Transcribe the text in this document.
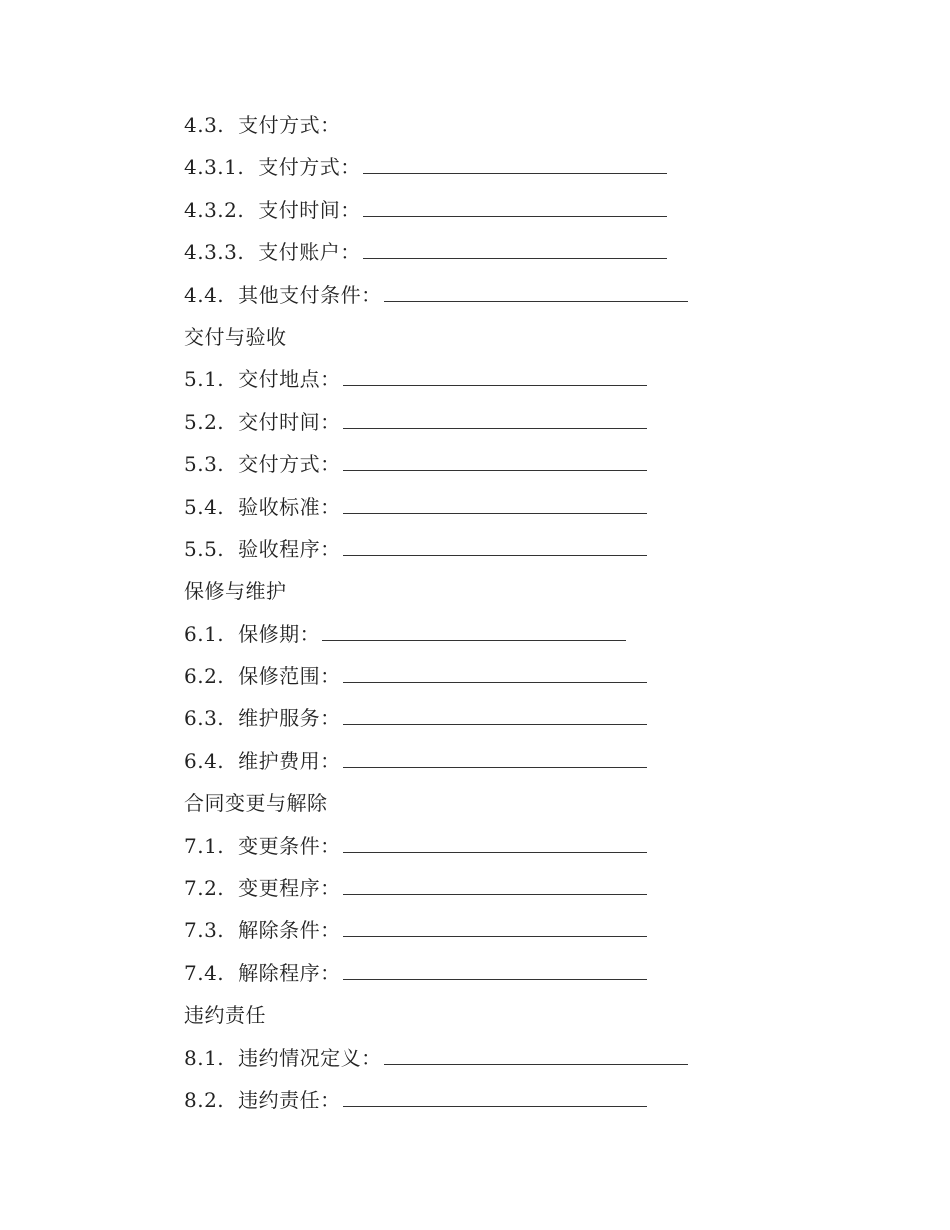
4.3. 支付方式：
4.3.1. 支付方式：
4.3.2. 支付时间：
4.3.3. 支付账户：
4.4. 其他支付条件：
交付与验收
5.1. 交付地点：
5.2. 交付时间：
5.3. 交付方式：
5.4. 验收标准：
5.5. 验收程序：
保修与维护
6.1. 保修期：
6.2. 保修范围：
6.3. 维护服务：
6.4. 维护费用：
合同变更与解除
7.1. 变更条件：
7.2. 变更程序：
7.3. 解除条件：
7.4. 解除程序：
违约责任
8.1. 违约情况定义：
8.2. 违约责任：
